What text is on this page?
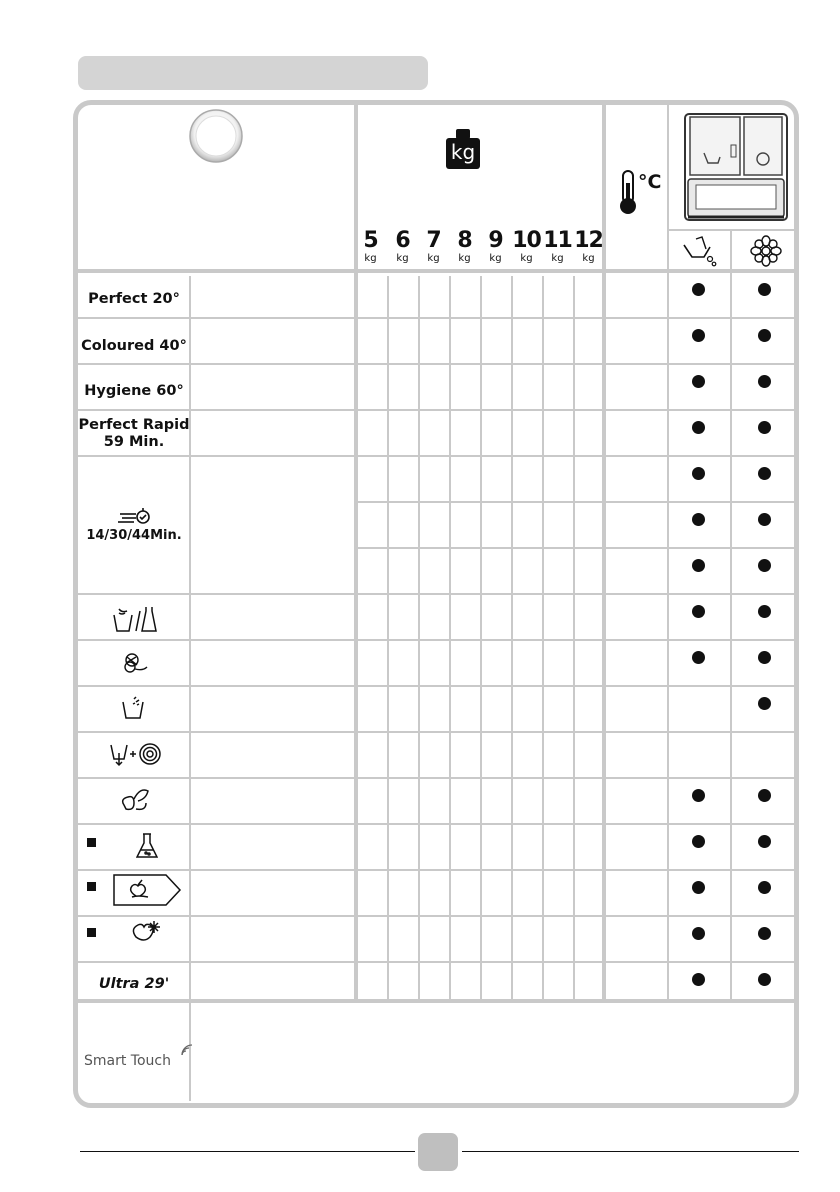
kg
°C
5
kg
6
kg
7
kg
8
kg
9
kg
10
kg
11
kg
12
kg
Perfect 20°
Coloured 40°
Hygiene 60°
Perfect Rapid
59 Min.
14/30/44Min.
Ultra 29'
Smart Touch
